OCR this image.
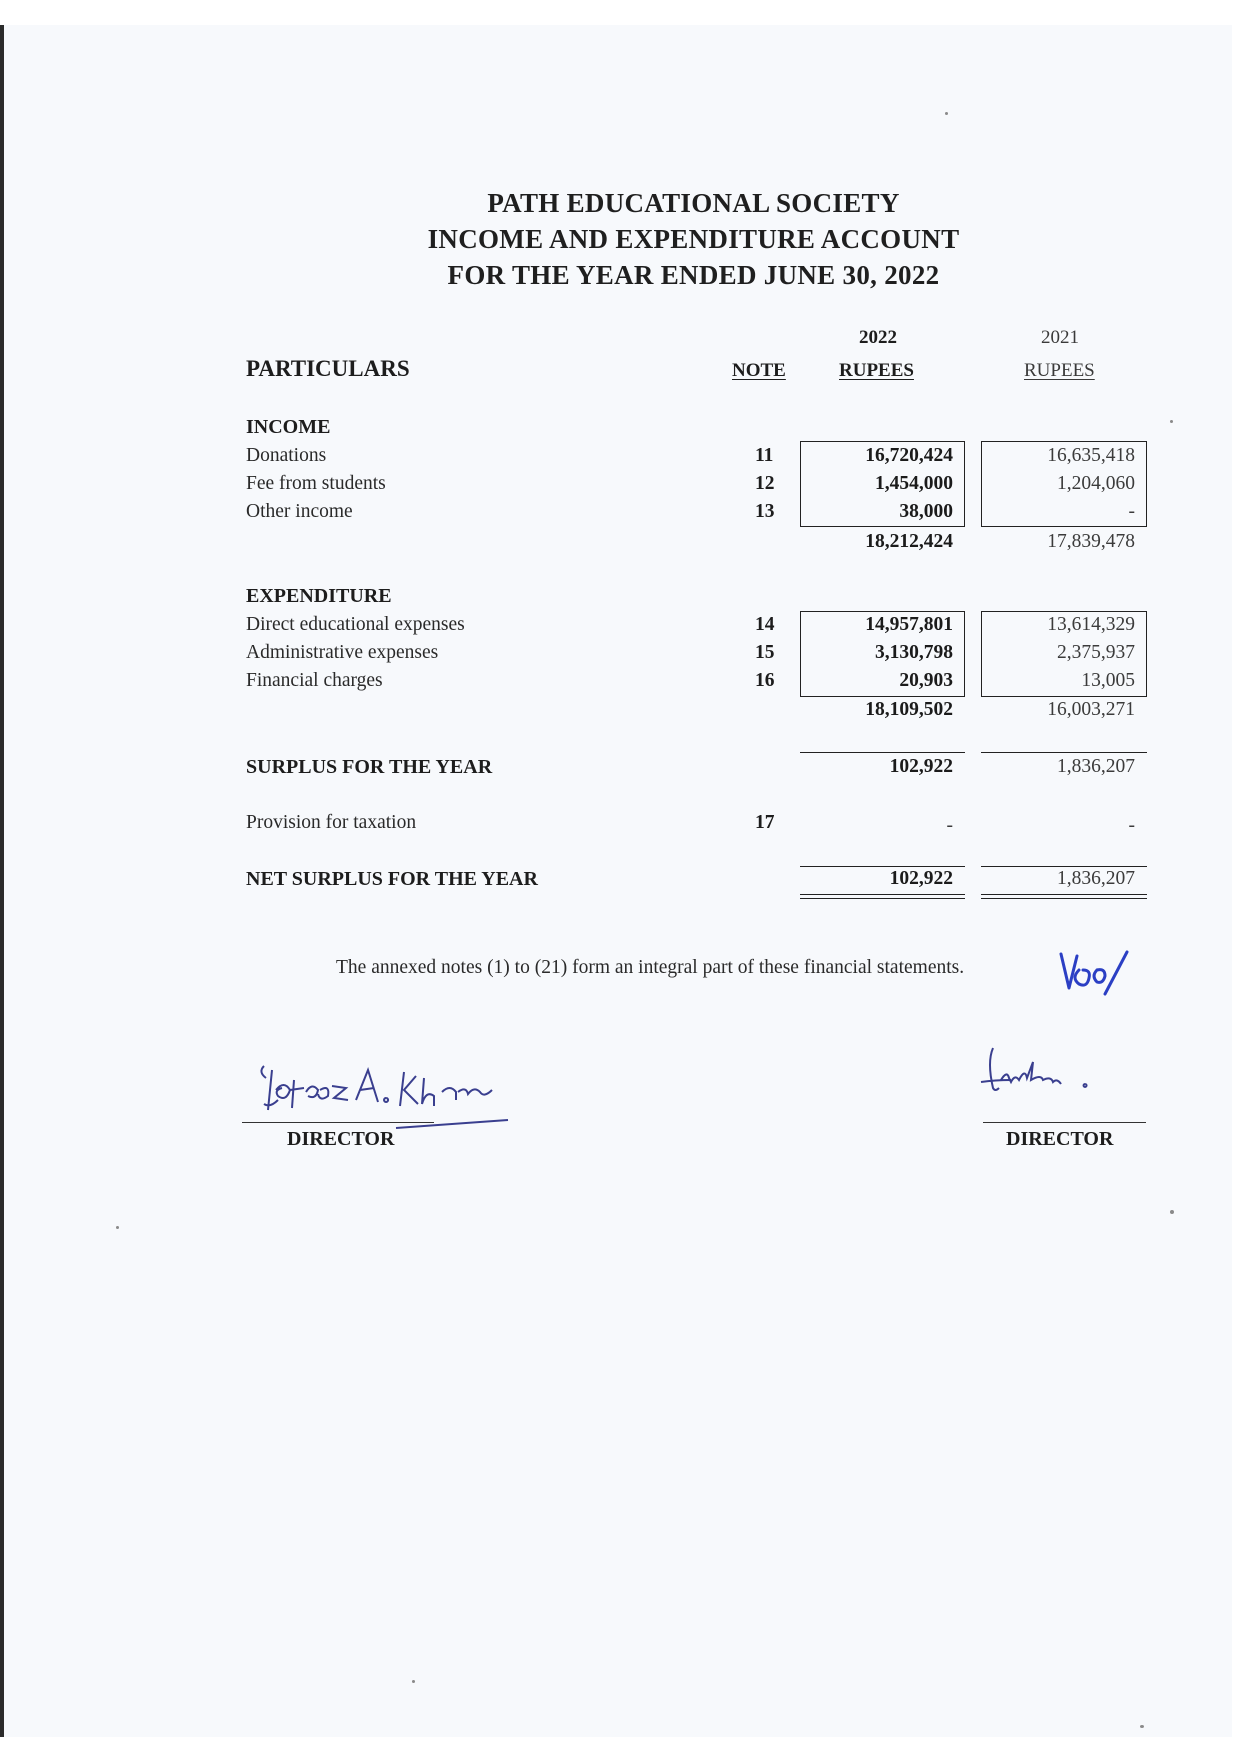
PATH EDUCATIONAL SOCIETY
INCOME AND EXPENDITURE ACCOUNT
FOR THE YEAR ENDED JUNE 30, 2022
2022	2021
PARTICULARS	NOTE	RUPEES	RUPEES
INCOME
Donations	11	16,720,424	16,635,418
Fee from students	12	1,454,000	1,204,060
Other income	13	38,000	-
18,212,424	17,839,478
EXPENDITURE
Direct educational expenses	14	14,957,801	13,614,329
Administrative expenses	15	3,130,798	2,375,937
Financial charges	16	20,903	13,005
18,109,502	16,003,271
SURPLUS FOR THE YEAR	102,922	1,836,207
Provision for taxation	17	-	-
NET SURPLUS FOR THE YEAR	102,922	1,836,207
The annexed notes (1) to (21) form an integral part of these financial statements.
DIRECTOR	DIRECTOR
